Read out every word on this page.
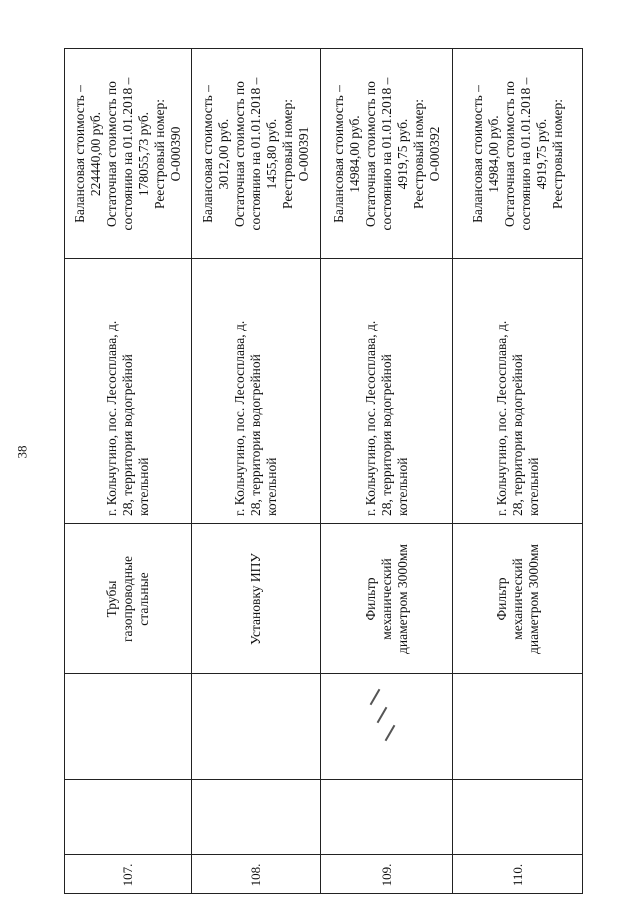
38
Балансовая стоимость – 224440,00 руб. Остаточная стоимость по состоянию на 01.01.2018 – 178055,73 руб. Реестровый номер: О-000390
г. Кольчугино, пос. Лесосплава, д. 28, территория водогрейной котельной
Трубы газопроводные стальные
107.
Балансовая стоимость – 3012,00 руб. Остаточная стоимость по состоянию на 01.01.2018 – 1455,80 руб. Реестровый номер: О-000391
г. Кольчугино, пос. Лесосплава, д. 28, территория водогрейной котельной
Установку ИПУ
108.
Балансовая стоимость – 14984,00 руб. Остаточная стоимость по состоянию на 01.01.2018 – 4919,75 руб. Реестровый номер: О-000392
г. Кольчугино, пос. Лесосплава, д. 28, территория водогрейной котельной
Фильтр механический диаметром 3000мм
109.
Балансовая стоимость – 14984,00 руб. Остаточная стоимость по состоянию на 01.01.2018 – 4919,75 руб. Реестровый номер:
г. Кольчугино, пос. Лесосплава, д. 28, территория водогрейной котельной
Фильтр механический диаметром 3000мм
110.
